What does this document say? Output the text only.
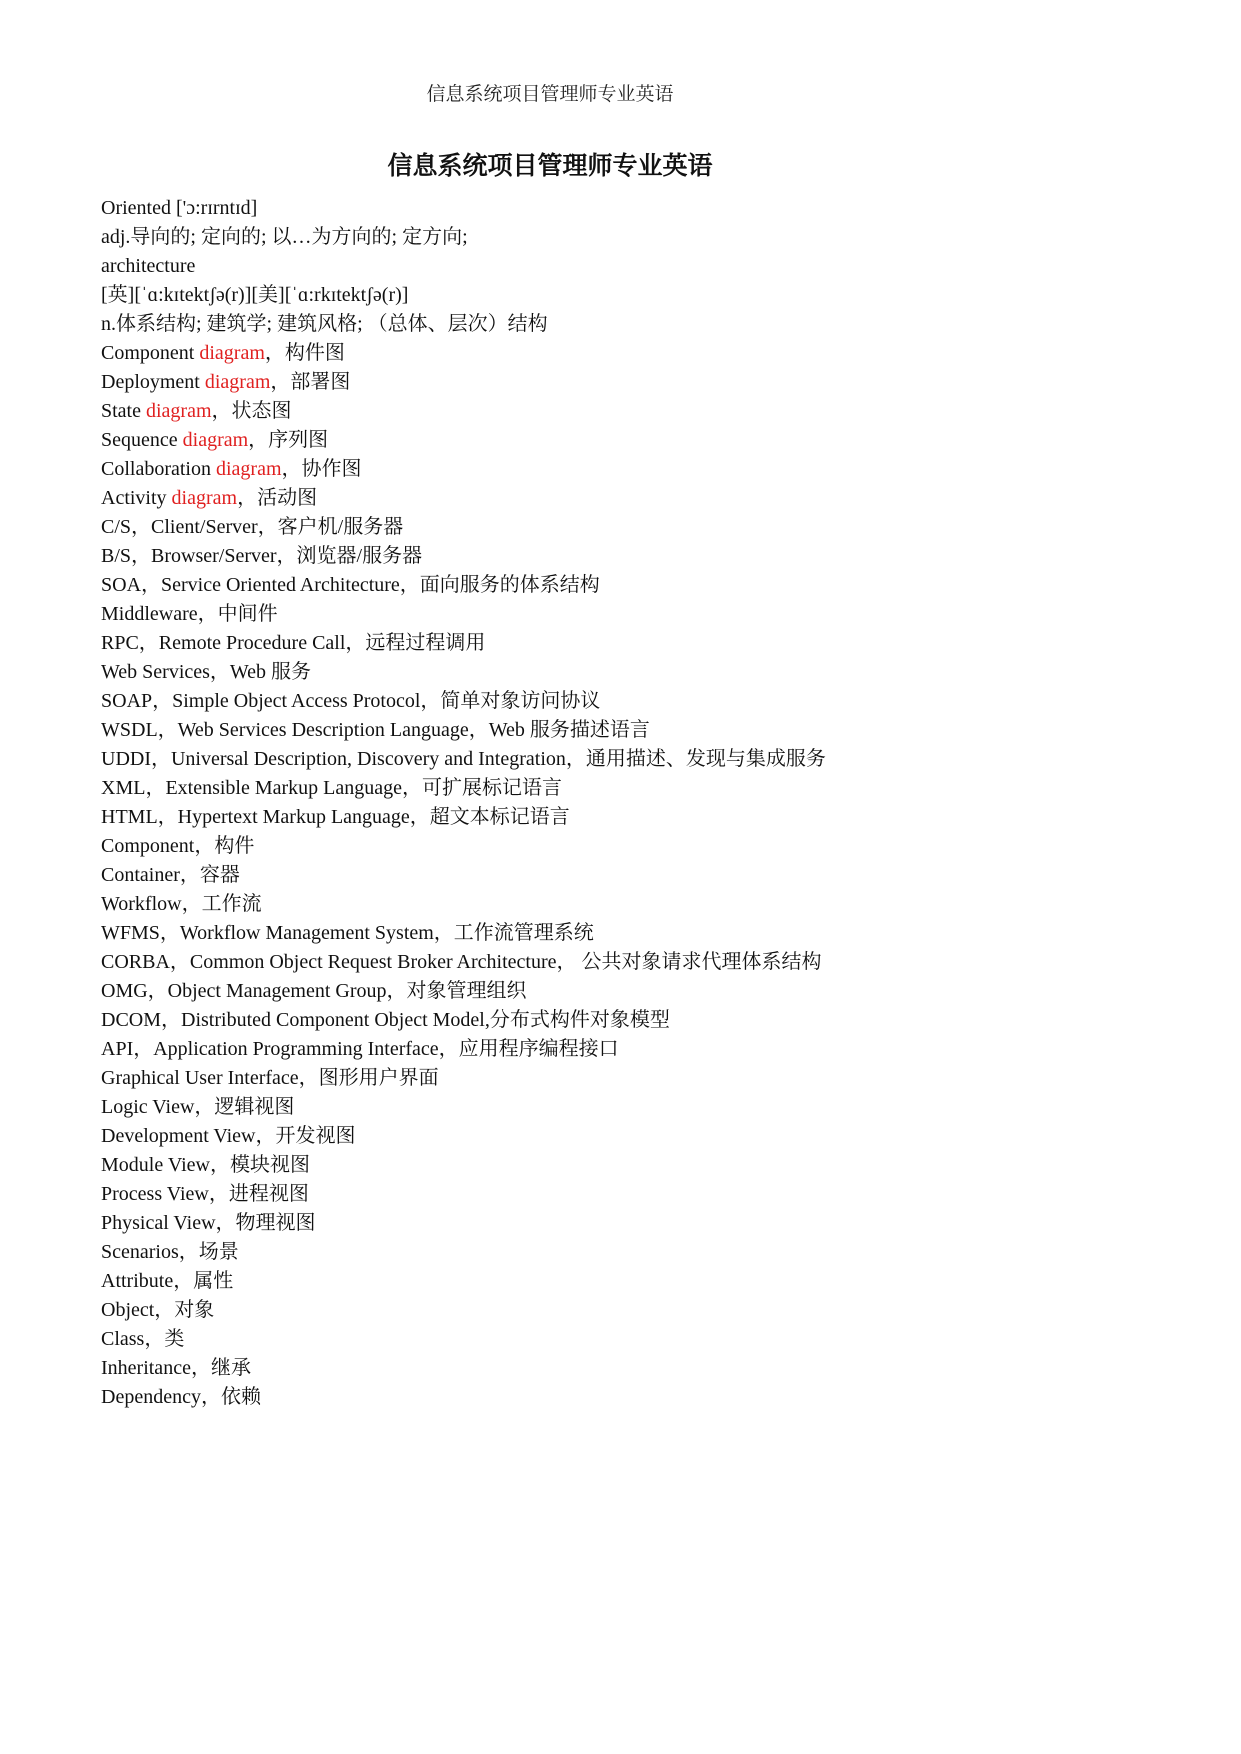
信息系统项目管理师专业英语
信息系统项目管理师专业英语
Oriented ['ɔ:rɪrntɪd]
adj.导向的; 定向的; 以…为方向的; 定方向;
architecture
[英][ˈɑ:kɪtektʃə(r)][美][ˈɑ:rkɪtektʃə(r)]
n.体系结构; 建筑学; 建筑风格; （总体、层次）结构
Component diagram，构件图
Deployment diagram，部署图
State diagram，状态图
Sequence diagram，序列图
Collaboration diagram，协作图
Activity diagram，活动图
C/S，Client/Server，客户机/服务器
B/S，Browser/Server，浏览器/服务器
SOA，Service Oriented Architecture，面向服务的体系结构
Middleware，中间件
RPC，Remote Procedure Call，远程过程调用
Web Services，Web 服务
SOAP，Simple Object Access Protocol，简单对象访问协议
WSDL，Web Services Description Language，Web 服务描述语言
UDDI，Universal Description, Discovery and Integration，通用描述、发现与集成服务
XML，Extensible Markup Language，可扩展标记语言
HTML，Hypertext Markup Language，超文本标记语言
Component，构件
Container，容器
Workflow，工作流
WFMS，Workflow Management System，工作流管理系统
CORBA，Common Object Request Broker Architecture， 公共对象请求代理体系结构
OMG，Object Management Group，对象管理组织
DCOM，Distributed Component Object Model,分布式构件对象模型
API，Application Programming Interface，应用程序编程接口
Graphical User Interface，图形用户界面
Logic View，逻辑视图
Development View，开发视图
Module View，模块视图
Process View，进程视图
Physical View，物理视图
Scenarios，场景
Attribute，属性
Object，对象
Class，类
Inheritance，继承
Dependency，依赖
